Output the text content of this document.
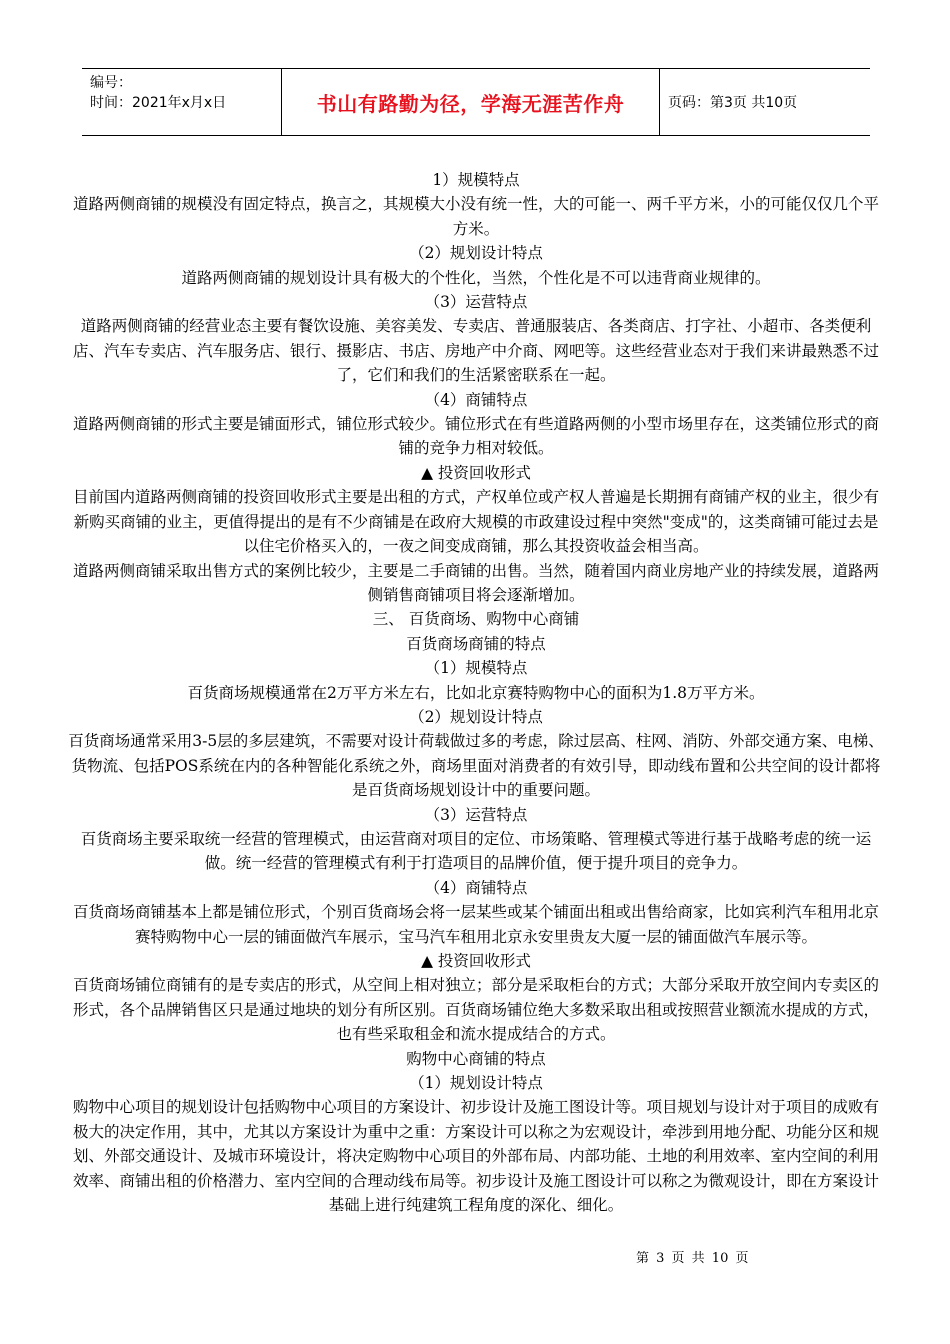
编号：
时间：2021年x月x日	书山有路勤为径，学海无涯苦作舟	页码：第3页 共10页

1）规模特点

道路两侧商铺的规模没有固定特点，换言之，其规模大小没有统一性，大的可能一、两千平方米，小的可能仅仅几个平方米。

（2）规划设计特点

道路两侧商铺的规划设计具有极大的个性化，当然，个性化是不可以违背商业规律的。

（3）运营特点

道路两侧商铺的经营业态主要有餐饮设施、美容美发、专卖店、普通服装店、各类商店、打字社、小超市、各类便利店、汽车专卖店、汽车服务店、银行、摄影店、书店、房地产中介商、网吧等。这些经营业态对于我们来讲最熟悉不过了，它们和我们的生活紧密联系在一起。

（4）商铺特点

道路两侧商铺的形式主要是铺面形式，铺位形式较少。铺位形式在有些道路两侧的小型市场里存在，这类铺位形式的商铺的竞争力相对较低。

▲ 投资回收形式

目前国内道路两侧商铺的投资回收形式主要是出租的方式，产权单位或产权人普遍是长期拥有商铺产权的业主，很少有新购买商铺的业主，更值得提出的是有不少商铺是在政府大规模的市政建设过程中突然"变成"的，这类商铺可能过去是以住宅价格买入的，一夜之间变成商铺，那么其投资收益会相当高。

道路两侧商铺采取出售方式的案例比较少，主要是二手商铺的出售。当然，随着国内商业房地产业的持续发展，道路两侧销售商铺项目将会逐渐增加。

三、 百货商场、购物中心商铺

百货商场商铺的特点

（1）规模特点

百货商场规模通常在2万平方米左右，比如北京赛特购物中心的面积为1.8万平方米。

（2）规划设计特点

百货商场通常采用3-5层的多层建筑，不需要对设计荷载做过多的考虑，除过层高、柱网、消防、外部交通方案、电梯、货物流、包括POS系统在内的各种智能化系统之外，商场里面对消费者的有效引导，即动线布置和公共空间的设计都将是百货商场规划设计中的重要问题。

（3）运营特点

百货商场主要采取统一经营的管理模式，由运营商对项目的定位、市场策略、管理模式等进行基于战略考虑的统一运做。统一经营的管理模式有利于打造项目的品牌价值，便于提升项目的竞争力。

（4）商铺特点

百货商场商铺基本上都是铺位形式，个别百货商场会将一层某些或某个铺面出租或出售给商家，比如宾利汽车租用北京赛特购物中心一层的铺面做汽车展示，宝马汽车租用北京永安里贵友大厦一层的铺面做汽车展示等。

▲ 投资回收形式

百货商场铺位商铺有的是专卖店的形式，从空间上相对独立；部分是采取柜台的方式；大部分采取开放空间内专卖区的形式，各个品牌销售区只是通过地块的划分有所区别。百货商场铺位绝大多数采取出租或按照营业额流水提成的方式，也有些采取租金和流水提成结合的方式。

购物中心商铺的特点

（1）规划设计特点

购物中心项目的规划设计包括购物中心项目的方案设计、初步设计及施工图设计等。项目规划与设计对于项目的成败有极大的决定作用，其中，尤其以方案设计为重中之重：方案设计可以称之为宏观设计，牵涉到用地分配、功能分区和规划、外部交通设计、及城市环境设计，将决定购物中心项目的外部布局、内部功能、土地的利用效率、室内空间的利用效率、商铺出租的价格潜力、室内空间的合理动线布局等。初步设计及施工图设计可以称之为微观设计，即在方案设计基础上进行纯建筑工程角度的深化、细化。

第 3 页 共 10 页
